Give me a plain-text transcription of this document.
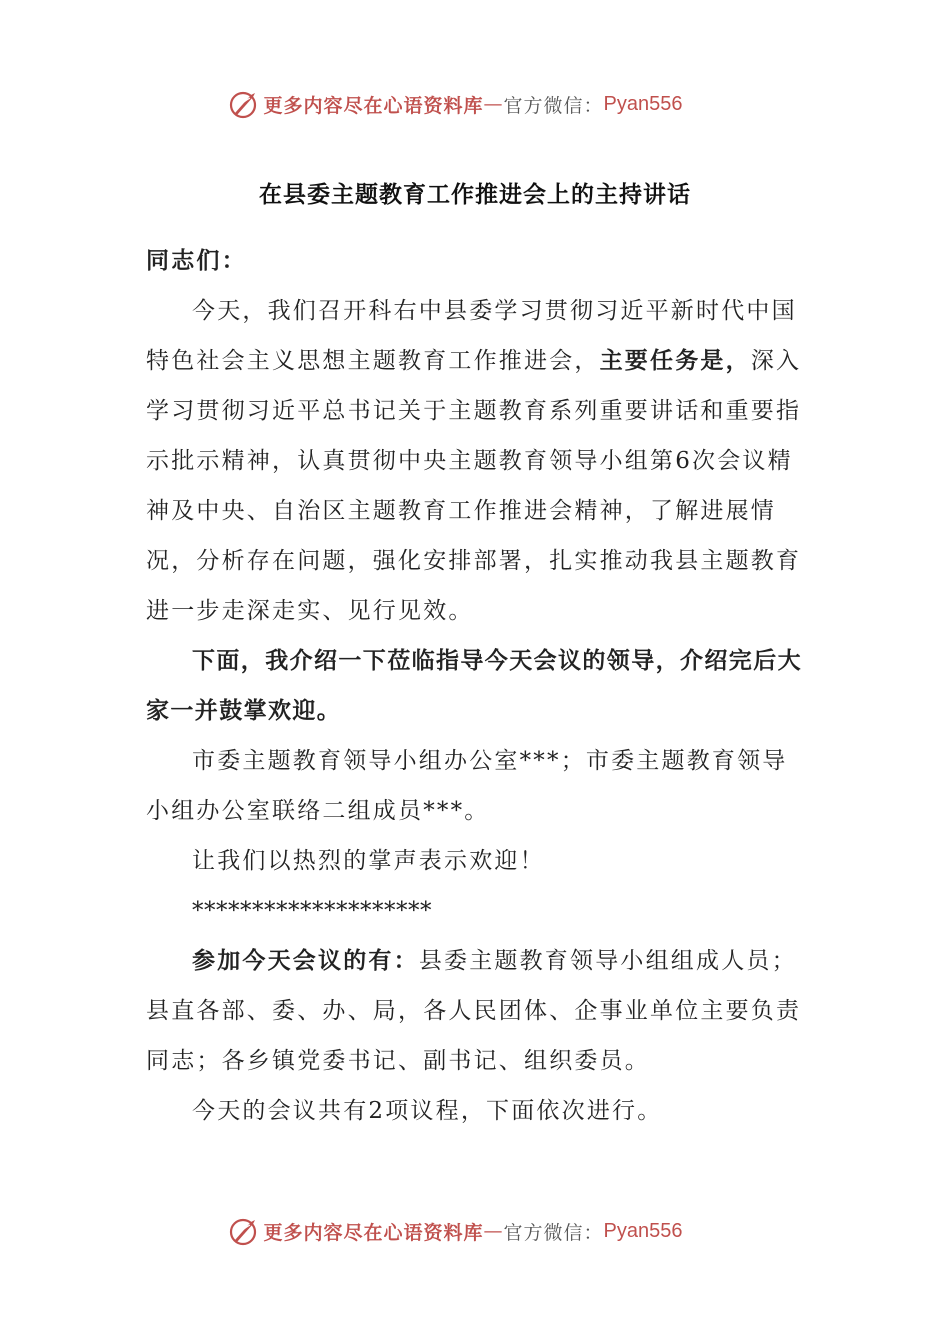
更多内容尽在心语资料库 — 官方微信： Pyan556
在县委主题教育工作推进会上的主持讲话

同志们：

今天，我们召开科右中县委学习贯彻习近平新时代中国特色社会主义思想主题教育工作推进会，主要任务是，深入学习贯彻习近平总书记关于主题教育系列重要讲话和重要指示批示精神，认真贯彻中央主题教育领导小组第6次会议精神及中央、自治区主题教育工作推进会精神，了解进展情况，分析存在问题，强化安排部署，扎实推动我县主题教育进一步走深走实、见行见效。

下面，我介绍一下莅临指导今天会议的领导，介绍完后大家一并鼓掌欢迎。

市委主题教育领导小组办公室***；市委主题教育领导小组办公室联络二组成员***。

让我们以热烈的掌声表示欢迎！

********************

参加今天会议的有：县委主题教育领导小组组成人员；县直各部、委、办、局，各人民团体、企事业单位主要负责同志；各乡镇党委书记、副书记、组织委员。

今天的会议共有2项议程，下面依次进行。

更多内容尽在心语资料库 — 官方微信： Pyan556
